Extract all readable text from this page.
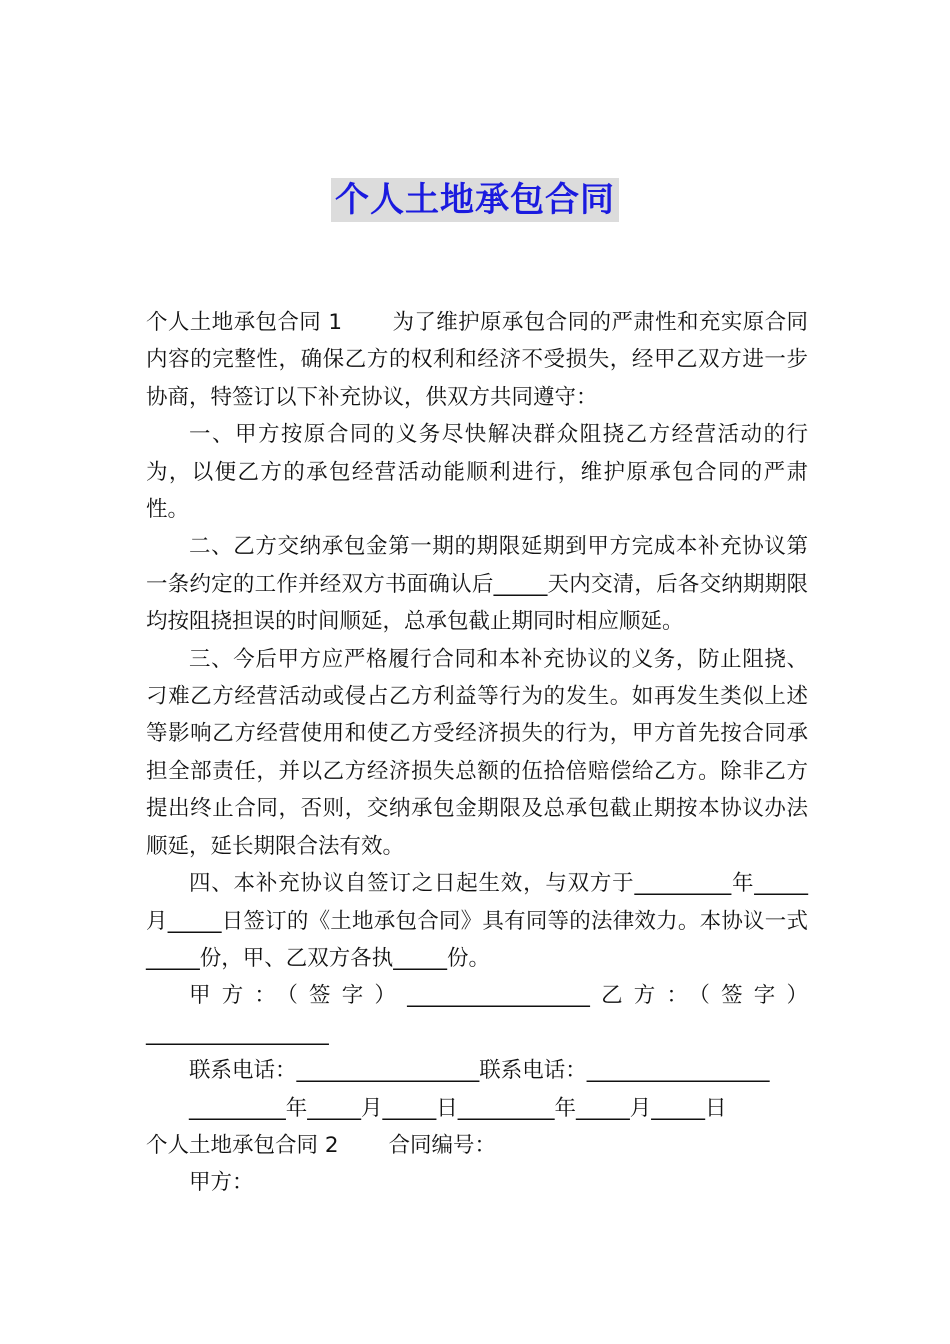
个人土地承包合同

个人土地承包合同 1 为了维护原承包合同的严肃性和充实原合同内容的完整性，确保乙方的权利和经济不受损失，经甲乙双方进一步协商，特签订以下补充协议，供双方共同遵守：

一、甲方按原合同的义务尽快解决群众阻挠乙方经营活动的行为，以便乙方的承包经营活动能顺利进行，维护原承包合同的严肃性。

二、乙方交纳承包金第一期的期限延期到甲方完成本补充协议第一条约定的工作并经双方书面确认后_____天内交清，后各交纳期期限均按阻挠担误的时间顺延，总承包截止期同时相应顺延。

三、今后甲方应严格履行合同和本补充协议的义务，防止阻挠、刁难乙方经营活动或侵占乙方利益等行为的发生。如再发生类似上述等影响乙方经营使用和使乙方受经济损失的行为，甲方首先按合同承担全部责任，并以乙方经济损失总额的伍拾倍赔偿给乙方。除非乙方提出终止合同，否则，交纳承包金期限及总承包截止期按本协议办法顺延，延长期限合法有效。

四、本补充协议自签订之日起生效，与双方于_________年_____月_____日签订的《土地承包合同》具有同等的法律效力。本协议一式_____份，甲、乙双方各执_____份。

甲方：（签字）_________________乙方：（签字）_________________

联系电话：_________________联系电话：_________________

_________年_____月_____日_________年_____月_____日

个人土地承包合同 2 合同编号：

甲方：
